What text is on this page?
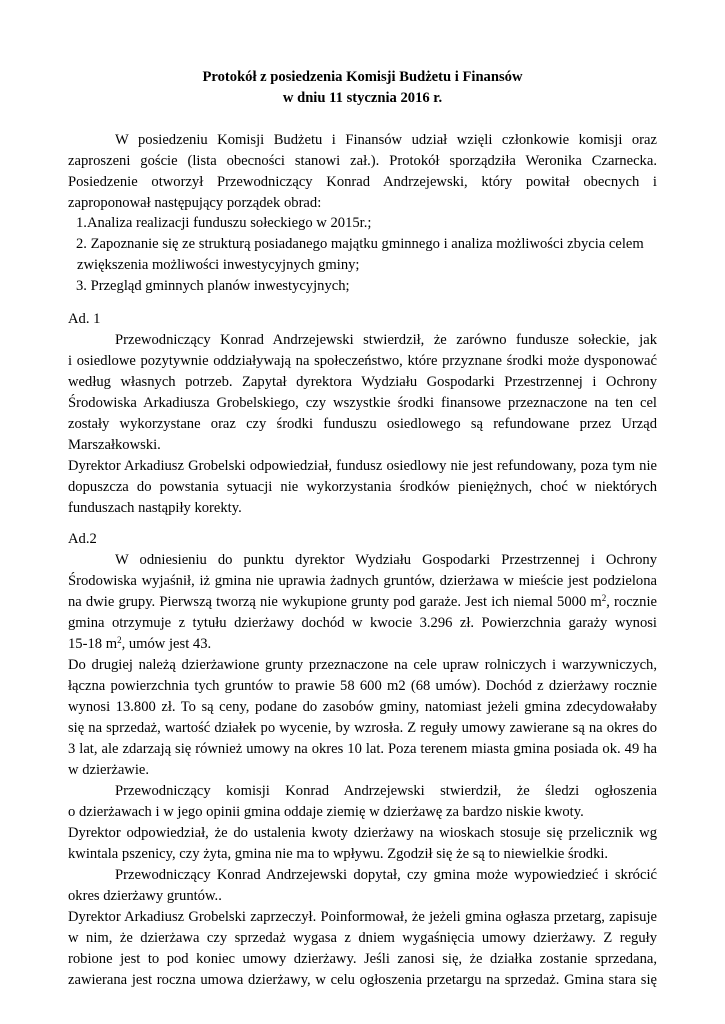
Protokół z posiedzenia Komisji Budżetu i Finansów

w dniu 11 stycznia 2016 r.

W posiedzeniu Komisji Budżetu i Finansów udział wzięli członkowie komisji oraz

zaproszeni goście (lista obecności stanowi zał.). Protokół sporządziła Weronika Czarnecka.

Posiedzenie otworzył Przewodniczący Konrad Andrzejewski, który powitał obecnych i

zaproponował następujący porządek obrad:

1.Analiza realizacji funduszu sołeckiego w 2015r.;

2. Zapoznanie się ze strukturą posiadanego majątku gminnego i analiza możliwości zbycia celem

zwiększenia możliwości inwestycyjnych gminy;

3. Przegląd gminnych planów inwestycyjnych;

Ad. 1

Przewodniczący Konrad Andrzejewski stwierdził, że zarówno fundusze sołeckie, jak

i osiedlowe pozytywnie oddziaływają na społeczeństwo, które przyznane środki może dysponować

według własnych potrzeb. Zapytał dyrektora Wydziału Gospodarki Przestrzennej i Ochrony

Środowiska Arkadiusza Grobelskiego, czy wszystkie środki finansowe przeznaczone na ten cel

zostały wykorzystane oraz czy środki funduszu osiedlowego są refundowane przez Urząd

Marszałkowski.

Dyrektor Arkadiusz Grobelski odpowiedział, fundusz osiedlowy nie jest refundowany, poza tym nie

dopuszcza do powstania sytuacji nie wykorzystania środków pieniężnych, choć w niektórych

funduszach nastąpiły korekty.

Ad.2

W odniesieniu do punktu dyrektor Wydziału Gospodarki Przestrzennej i Ochrony

Środowiska wyjaśnił, iż gmina nie uprawia żadnych gruntów, dzierżawa w mieście jest podzielona

na dwie grupy. Pierwszą tworzą nie wykupione grunty pod garaże. Jest ich niemal 5000 $m^2$, rocznie

gmina otrzymuje z tytułu dzierżawy dochód w kwocie 3.296 zł. Powierzchnia garaży wynosi

15-18 $m^2$, umów jest 43.

Do drugiej należą dzierżawione grunty przeznaczone na cele upraw rolniczych i warzywniczych,

łączna powierzchnia tych gruntów to prawie 58 600 m2 (68 umów). Dochód z dzierżawy rocznie

wynosi 13.800 zł. To są ceny, podane do zasobów gminy, natomiast jeżeli gmina zdecydowałaby

się na sprzedaż, wartość działek po wycenie, by wzrosła. Z reguły umowy zawierane są na okres do

3 lat, ale zdarzają się również umowy na okres 10 lat. Poza terenem miasta gmina posiada ok. 49 ha

w dzierżawie.

Przewodniczący komisji Konrad Andrzejewski stwierdził, że śledzi ogłoszenia

o dzierżawach i w jego opinii gmina oddaje ziemię w dzierżawę za bardzo niskie kwoty.

Dyrektor odpowiedział, że do ustalenia kwoty dzierżawy na wioskach stosuje się przelicznik wg

kwintala pszenicy, czy żyta, gmina nie ma to wpływu. Zgodził się że są to niewielkie środki.

Przewodniczący Konrad Andrzejewski dopytał, czy gmina może wypowiedzieć i skrócić

okres dzierżawy gruntów..

Dyrektor Arkadiusz Grobelski zaprzeczył. Poinformował, że jeżeli gmina ogłasza przetarg, zapisuje

w nim, że dzierżawa czy sprzedaż wygasa z dniem wygaśnięcia umowy dzierżawy. Z reguły

robione jest to pod koniec umowy dzierżawy. Jeśli zanosi się, że działka zostanie sprzedana,

zawierana jest roczna umowa dzierżawy, w celu ogłoszenia przetargu na sprzedaż. Gmina stara się
